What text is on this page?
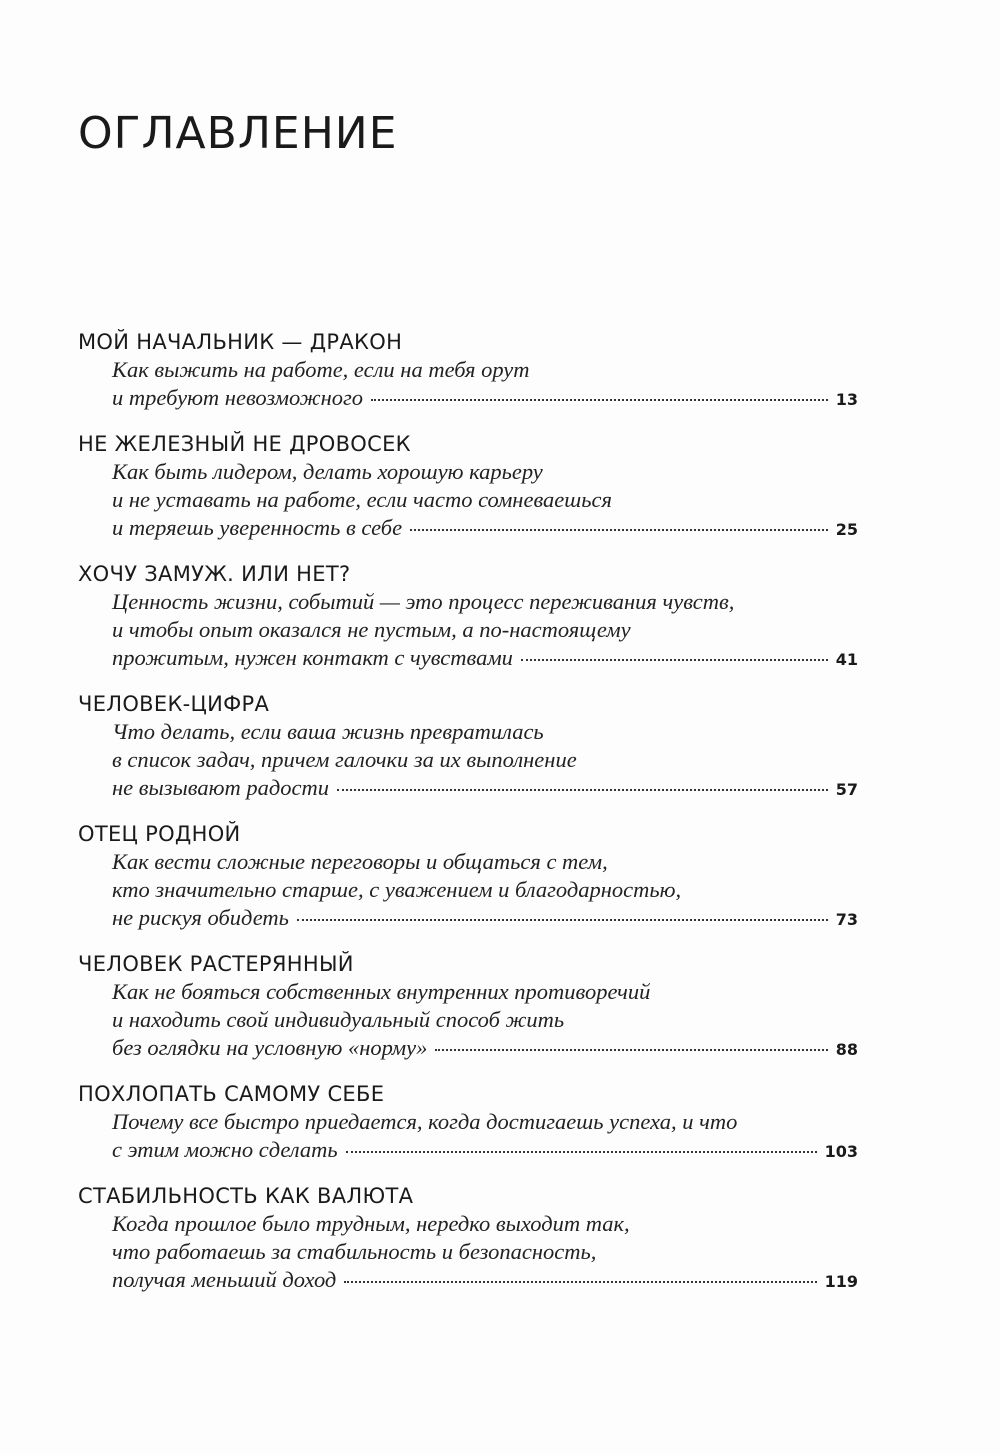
ОГЛАВЛЕНИЕ
МОЙ НАЧАЛЬНИК — ДРАКОН
Как выжить на работе, если на тебя орут
и требуют невозможного	13
НЕ ЖЕЛЕЗНЫЙ НЕ ДРОВОСЕК
Как быть лидером, делать хорошую карьеру
и не уставать на работе, если часто сомневаешься
и теряешь уверенность в себе	25
ХОЧУ ЗАМУЖ. ИЛИ НЕТ?
Ценность жизни, событий — это процесс переживания чувств,
и чтобы опыт оказался не пустым, а по-настоящему
прожитым, нужен контакт с чувствами	41
ЧЕЛОВЕК-ЦИФРА
Что делать, если ваша жизнь превратилась
в список задач, причем галочки за их выполнение
не вызывают радости	57
ОТЕЦ РОДНОЙ
Как вести сложные переговоры и общаться с тем,
кто значительно старше, с уважением и благодарностью,
не рискуя обидеть	73
ЧЕЛОВЕК РАСТЕРЯННЫЙ
Как не бояться собственных внутренних противоречий
и находить свой индивидуальный способ жить
без оглядки на условную «норму»	88
ПОХЛОПАТЬ САМОМУ СЕБЕ
Почему все быстро приедается, когда достигаешь успеха, и что
с этим можно сделать	103
СТАБИЛЬНОСТЬ КАК ВАЛЮТА
Когда прошлое было трудным, нередко выходит так,
что работаешь за стабильность и безопасность,
получая меньший доход	119
